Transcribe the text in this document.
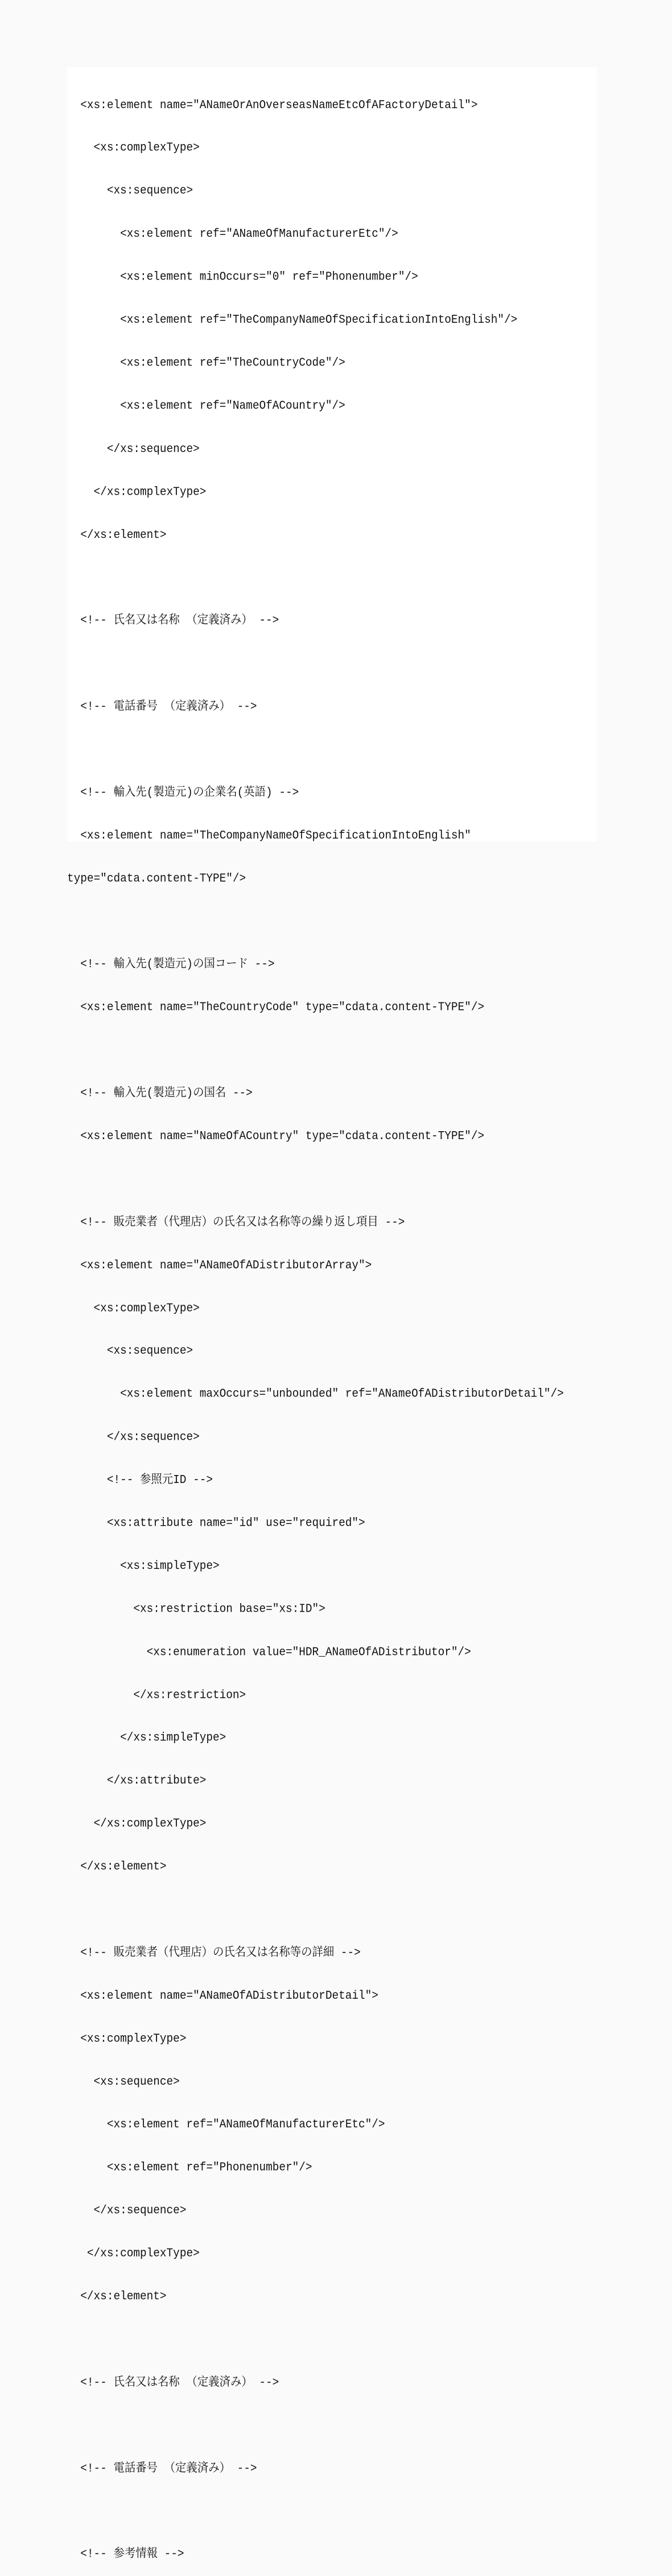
<xs:element name="ANameOrAnOverseasNameEtcOfAFactoryDetail">

<xs:complexType>

<xs:sequence>

<xs:element ref="ANameOfManufacturerEtc"/>

<xs:element minOccurs="0" ref="Phonenumber"/>

<xs:element ref="TheCompanyNameOfSpecificationIntoEnglish"/>

<xs:element ref="TheCountryCode"/>

<xs:element ref="NameOfACountry"/>

</xs:sequence>

</xs:complexType>

</xs:element>

<!-- 氏名又は名称 （定義済み） -->

<!-- 電話番号 （定義済み） -->

<!-- 輸入先(製造元)の企業名(英語) -->

<xs:element name="TheCompanyNameOfSpecificationIntoEnglish"

type="cdata.content-TYPE"/>

<!-- 輸入先(製造元)の国コード -->

<xs:element name="TheCountryCode" type="cdata.content-TYPE"/>

<!-- 輸入先(製造元)の国名 -->

<xs:element name="NameOfACountry" type="cdata.content-TYPE"/>

<!-- 販売業者（代理店）の氏名又は名称等の繰り返し項目 -->

<xs:element name="ANameOfADistributorArray">

<xs:complexType>

<xs:sequence>

<xs:element maxOccurs="unbounded" ref="ANameOfADistributorDetail"/>

</xs:sequence>

<!-- 参照元ID -->

<xs:attribute name="id" use="required">

<xs:simpleType>

<xs:restriction base="xs:ID">

<xs:enumeration value="HDR_ANameOfADistributor"/>

</xs:restriction>

</xs:simpleType>

</xs:attribute>

</xs:complexType>

</xs:element>

<!-- 販売業者（代理店）の氏名又は名称等の詳細 -->

<xs:element name="ANameOfADistributorDetail">

<xs:complexType>

<xs:sequence>

<xs:element ref="ANameOfManufacturerEtc"/>

<xs:element ref="Phonenumber"/>

</xs:sequence>

</xs:complexType>

</xs:element>

<!-- 氏名又は名称 （定義済み） -->

<!-- 電話番号 （定義済み） -->

<!-- 参考情報 -->
